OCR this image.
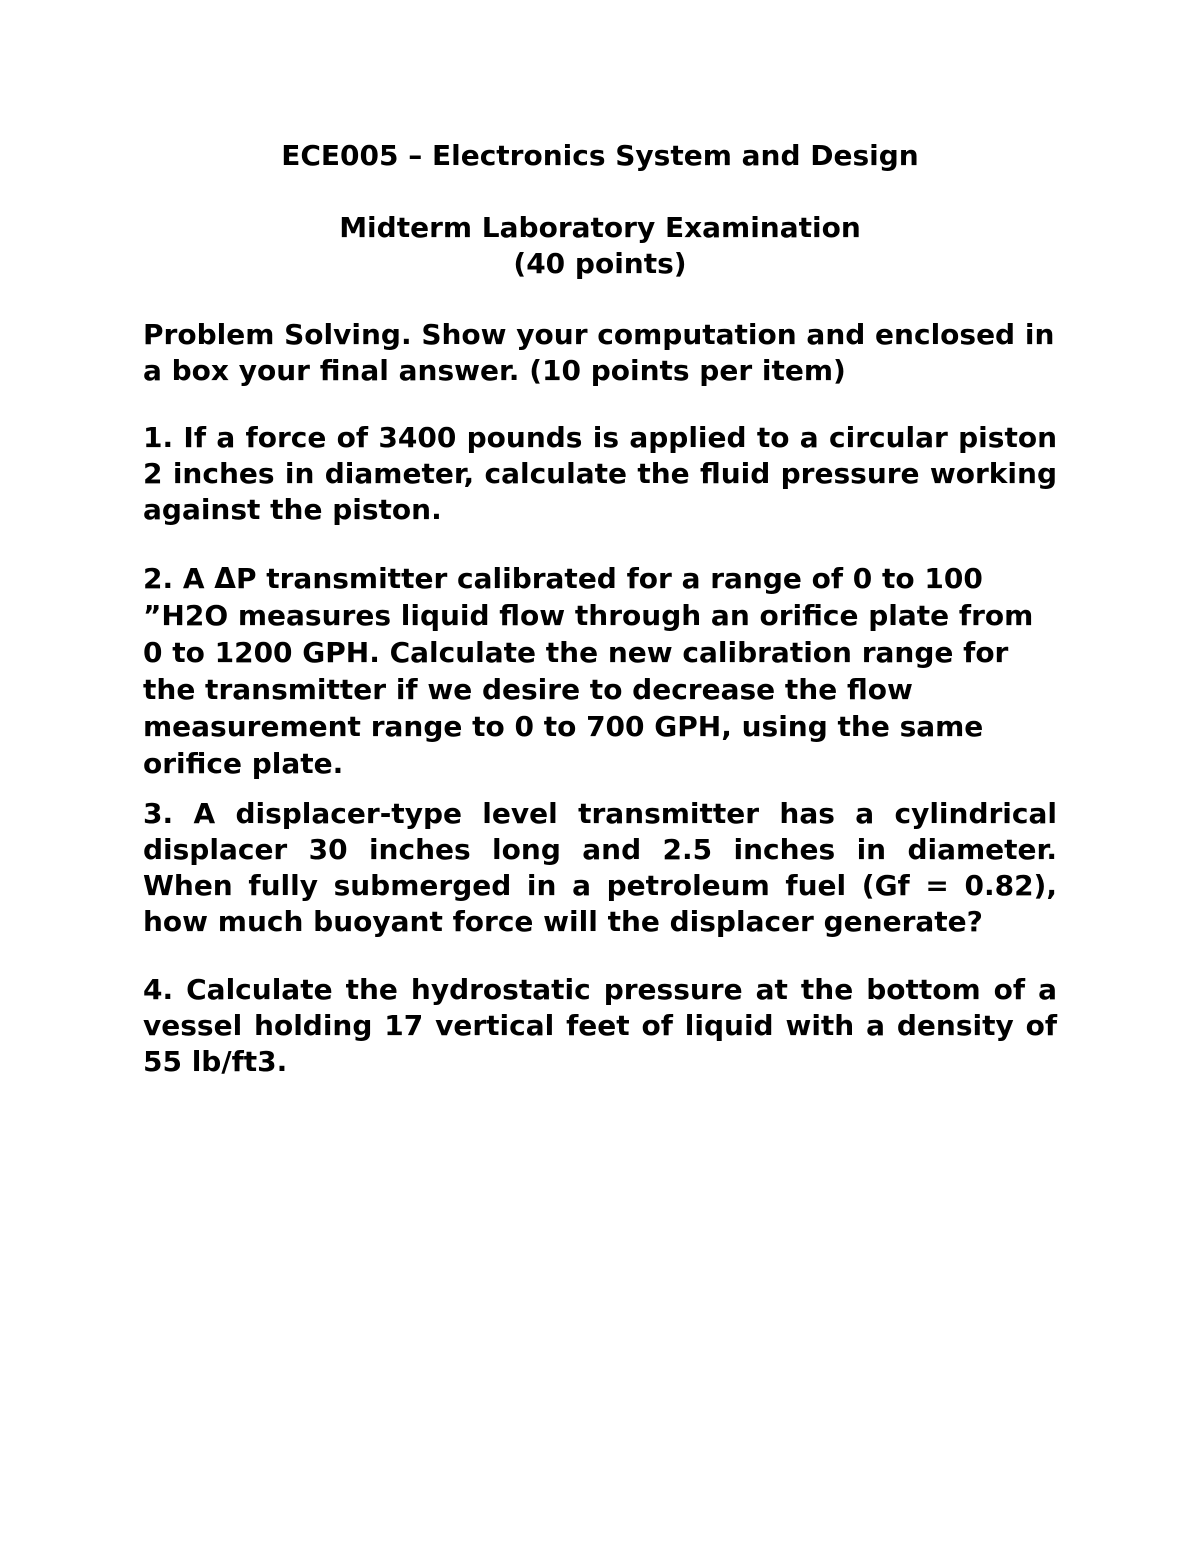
ECE005 – Electronics System and Design

Midterm Laboratory Examination

(40 points)

Problem Solving. Show your computation and enclosed in a box your final answer. (10 points per item)

1. If a force of 3400 pounds is applied to a circular piston 2 inches in diameter, calculate the fluid pressure working against the piston.

2. A ΔP transmitter calibrated for a range of 0 to 100 ”H2O measures liquid flow through an orifice plate from 0 to 1200 GPH. Calculate the new calibration range for the transmitter if we desire to decrease the flow measurement range to 0 to 700 GPH, using the same orifice plate.

3. A displacer-type level transmitter has a cylindrical displacer 30 inches long and 2.5 inches in diameter. When fully submerged in a petroleum fuel (Gf = 0.82), how much buoyant force will the displacer generate?

4. Calculate the hydrostatic pressure at the bottom of a vessel holding 17 vertical feet of liquid with a density of 55 lb/ft3.
